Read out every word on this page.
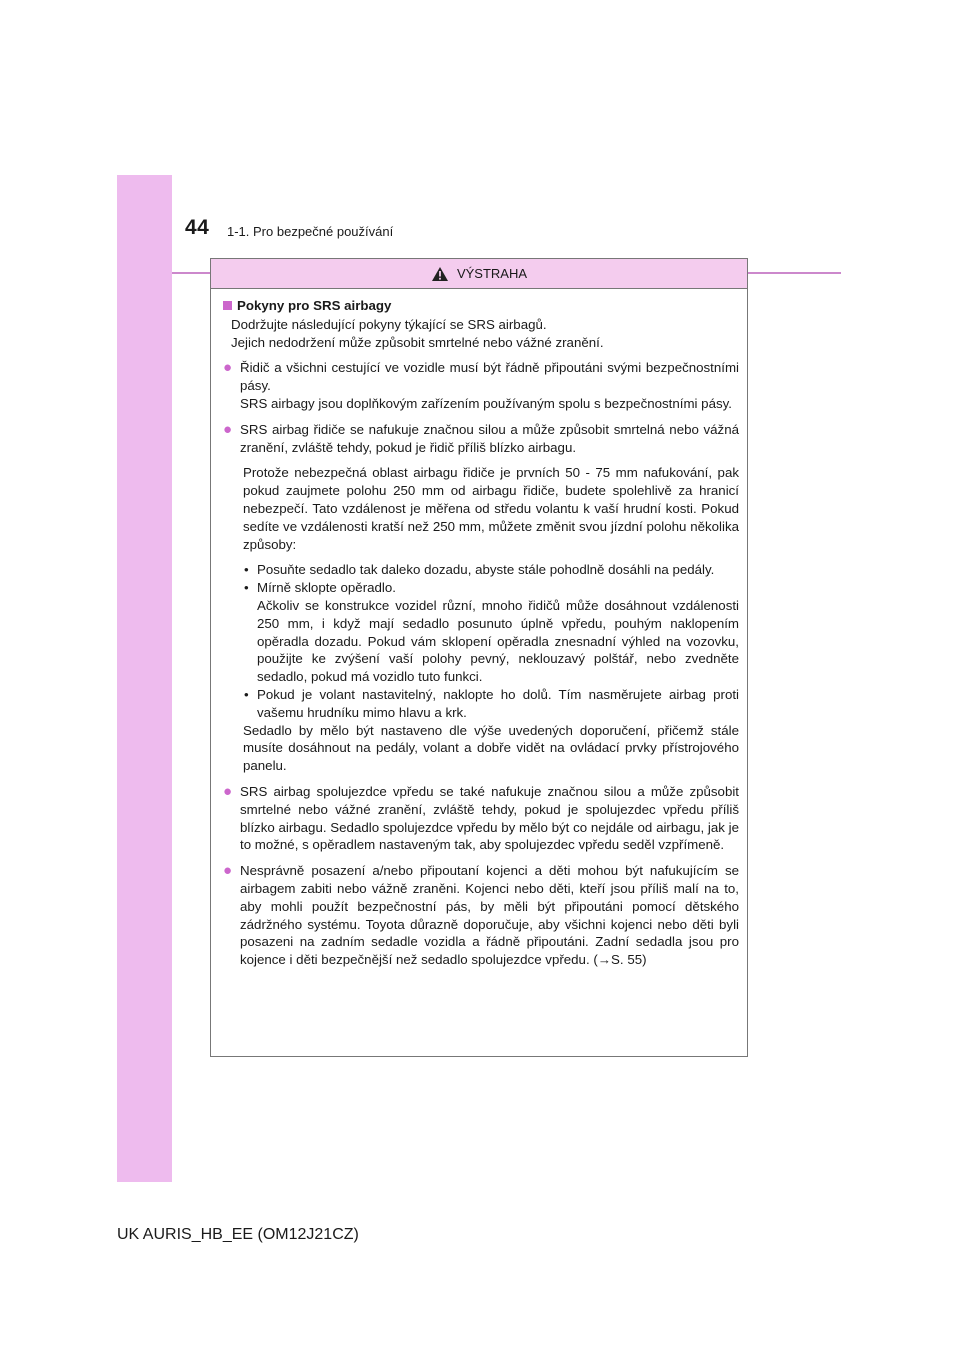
44 1-1. Pro bezpečné používání
VÝSTRAHA
Pokyny pro SRS airbagy
Dodržujte následující pokyny týkající se SRS airbagů.
Jejich nedodržení může způsobit smrtelné nebo vážné zranění.
● Řidič a všichni cestující ve vozidle musí být řádně připoutáni svými bezpečnostními pásy.
SRS airbagy jsou doplňkovým zařízením používaným spolu s bezpečnostními pásy.
● SRS airbag řidiče se nafukuje značnou silou a může způsobit smrtelná nebo vážná zranění, zvláště tehdy, pokud je řidič příliš blízko airbagu.
Protože nebezpečná oblast airbagu řidiče je prvních 50 - 75 mm nafukování, pak pokud zaujmete polohu 250 mm od airbagu řidiče, budete spolehlivě za hranicí nebezpečí. Tato vzdálenost je měřena od středu volantu k vaší hrudní kosti. Pokud sedíte ve vzdálenosti kratší než 250 mm, můžete změnit svou jízdní polohu několika způsoby:
• Posuňte sedadlo tak daleko dozadu, abyste stále pohodlně dosáhli na pedály.
• Mírně sklopte opěradlo.
Ačkoliv se konstrukce vozidel různí, mnoho řidičů může dosáhnout vzdálenosti 250 mm, i když mají sedadlo posunuto úplně vpředu, pouhým naklopením opěradla dozadu. Pokud vám sklopení opěradla znesnadní výhled na vozovku, použijte ke zvýšení vaší polohy pevný, neklouzavý polštář, nebo zvedněte sedadlo, pokud má vozidlo tuto funkci.
• Pokud je volant nastavitelný, naklopte ho dolů. Tím nasměrujete airbag proti vašemu hrudníku mimo hlavu a krk.
Sedadlo by mělo být nastaveno dle výše uvedených doporučení, přičemž stále musíte dosáhnout na pedály, volant a dobře vidět na ovládací prvky přístrojového panelu.
● SRS airbag spolujezdce vpředu se také nafukuje značnou silou a může způsobit smrtelné nebo vážné zranění, zvláště tehdy, pokud je spolujezdec vpředu příliš blízko airbagu. Sedadlo spolujezdce vpředu by mělo být co nejdále od airbagu, jak je to možné, s opěradlem nastaveným tak, aby spolujezdec vpředu seděl vzpřímeně.
● Nesprávně posazení a/nebo připoutaní kojenci a děti mohou být nafukujícím se airbagem zabiti nebo vážně zraněni. Kojenci nebo děti, kteří jsou příliš malí na to, aby mohli použít bezpečnostní pás, by měli být připoutáni pomocí dětského zádržného systému. Toyota důrazně doporučuje, aby všichni kojenci nebo děti byli posazeni na zadním sedadle vozidla a řádně připoutáni. Zadní sedadla jsou pro kojence i děti bezpečnější než sedadlo spolujezdce vpředu. (→S. 55)
UK AURIS_HB_EE (OM12J21CZ)
